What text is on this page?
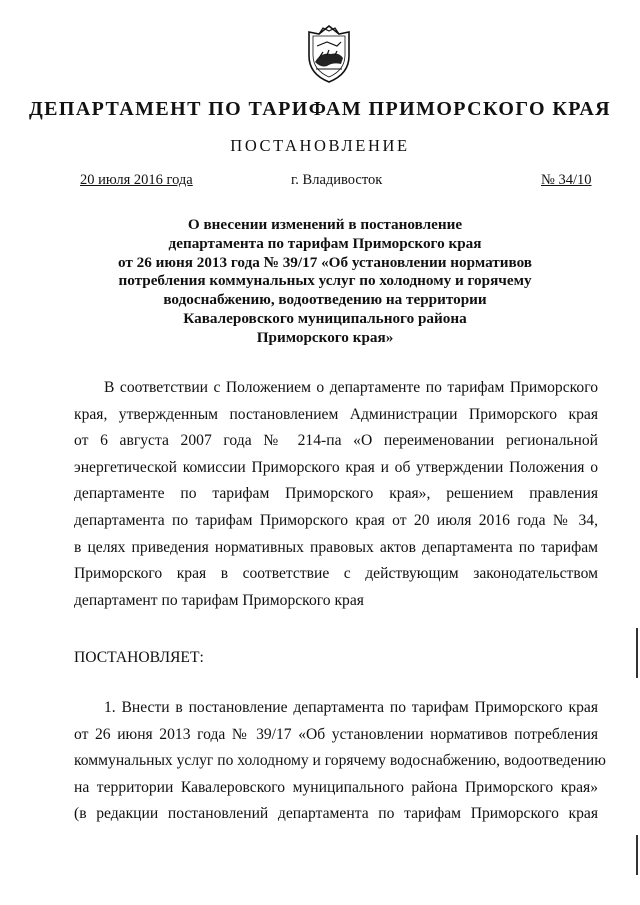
ДЕПАРТАМЕНТ ПО ТАРИФАМ ПРИМОРСКОГО КРАЯ
ПОСТАНОВЛЕНИЕ
20 июля 2016 года	г. Владивосток	№ 34/10
О внесении изменений в постановление
департамента по тарифам Приморского края
от 26 июня 2013 года № 39/17 «Об установлении нормативов
потребления коммунальных услуг по холодному и горячему
водоснабжению, водоотведению на территории
Кавалеровского муниципального района
Приморского края»
В соответствии с Положением о департаменте по тарифам Приморского
края, утвержденным постановлением Администрации Приморского края
от 6 августа 2007 года № 214-па «О переименовании региональной
энергетической комиссии Приморского края и об утверждении Положения о
департаменте по тарифам Приморского края», решением правления
департамента по тарифам Приморского края от 20 июля 2016 года № 34,
в целях приведения нормативных правовых актов департамента по тарифам
Приморского края в соответствие с действующим законодательством
департамент по тарифам Приморского края
ПОСТАНОВЛЯЕТ:
1. Внести в постановление департамента по тарифам Приморского края
от 26 июня 2013 года № 39/17 «Об установлении нормативов потребления
коммунальных услуг по холодному и горячему водоснабжению, водоотведению
на территории Кавалеровского муниципального района Приморского края»
(в редакции постановлений департамента по тарифам Приморского края
